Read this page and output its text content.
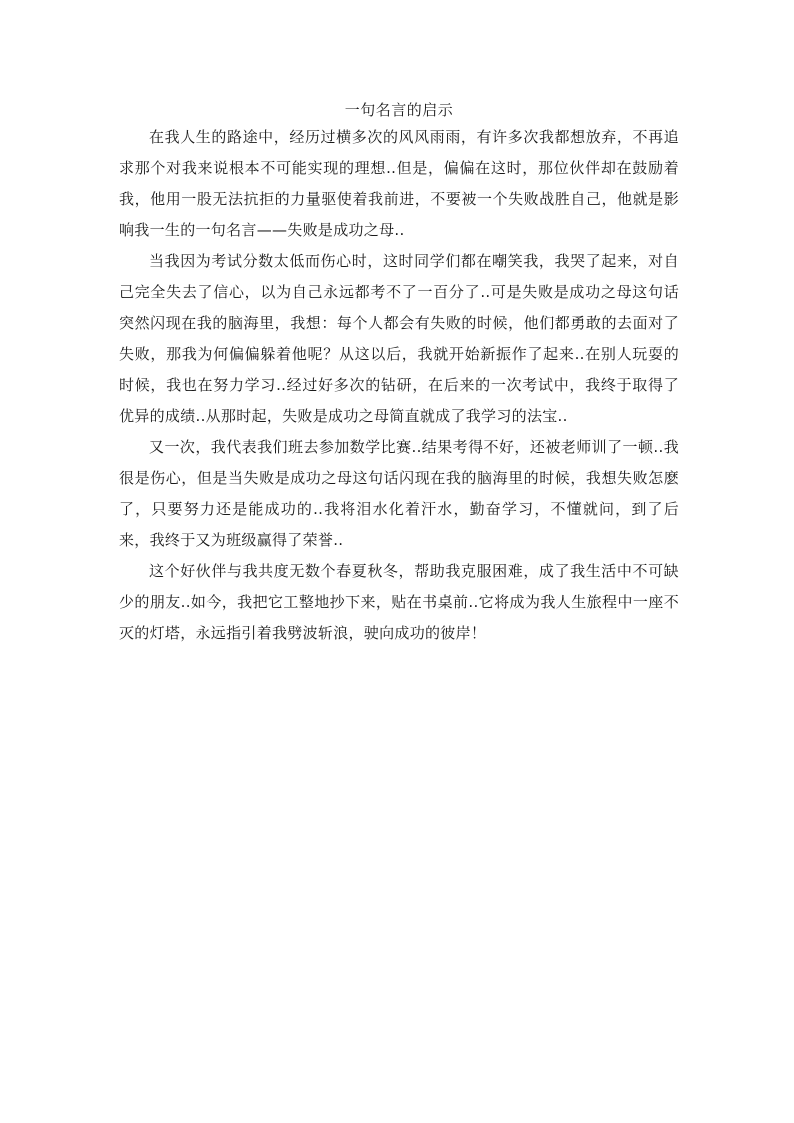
一句名言的启示

在我人生的路途中，经历过横多次的风风雨雨，有许多次我都想放弃，不再追求那个对我来说根本不可能实现的理想..但是，偏偏在这时，那位伙伴却在鼓励着我，他用一股无法抗拒的力量驱使着我前进，不要被一个失败战胜自己，他就是影响我一生的一句名言——失败是成功之母..

当我因为考试分数太低而伤心时，这时同学们都在嘲笑我，我哭了起来，对自己完全失去了信心，以为自己永远都考不了一百分了..可是失败是成功之母这句话突然闪现在我的脑海里，我想：每个人都会有失败的时候，他们都勇敢的去面对了失败，那我为何偏偏躲着他呢？从这以后，我就开始新振作了起来..在别人玩耍的时候，我也在努力学习..经过好多次的钻研，在后来的一次考试中，我终于取得了优异的成绩..从那时起，失败是成功之母简直就成了我学习的法宝..

又一次，我代表我们班去参加数学比赛..结果考得不好，还被老师训了一顿..我很是伤心，但是当失败是成功之母这句话闪现在我的脑海里的时候，我想失败怎麽了，只要努力还是能成功的..我将泪水化着汗水，勤奋学习，不懂就问，到了后来，我终于又为班级赢得了荣誉..

这个好伙伴与我共度无数个春夏秋冬，帮助我克服困难，成了我生活中不可缺少的朋友..如今，我把它工整地抄下来，贴在书桌前..它将成为我人生旅程中一座不灭的灯塔，永远指引着我劈波斩浪，驶向成功的彼岸！
